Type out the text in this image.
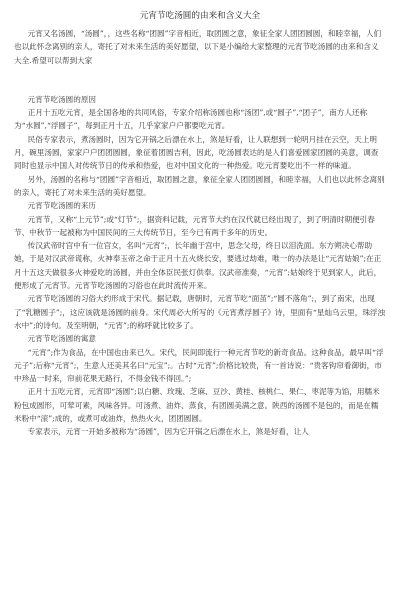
元宵节吃汤圆的由来和含义大全

元宵又名汤圆，“汤圆”，，这些名称“团圆”字音相近，取团圆之意，象征全家人团团圆圆，和睦幸福，人们也以此怀念离别的亲人，寄托了对未来生活的美好愿望，以下是小编给大家整理的元宵节吃汤圆的由来和含义大全.希望可以帮到大家

元宵节吃汤圆的原因

正月十五吃元宵，是全国各地的共同风俗，专家介绍称汤圆也称“汤团”,或“圆子”,“团子”，南方人还称为“水圆”,“浮圆子”，每到正月十五，几乎家家户户都要吃元宵。

民俗专家表示，煮汤圆时，因为它开锅之后漂在水上，煞是好看，让人联想到一轮明月挂在云空，天上明月，碗里汤圆，家家户户团团圆圆，象征着团圆吉利，因此，吃汤圆表达的是人们喜爱圆家团圆的美意，调查同时也显示中国人对传统节日的传承和热爱，也对中国文化的一种热爱。吃元宵要吃出不一样的味道。

另外，汤圆的名称与“团圆”字音相近，取团圆之意，象征全家人团团圆圆，和睦幸福，人们也以此怀念离别的亲人，寄托了对未来生活的美好愿望。

元宵节吃汤圆的来历

元宵节，又称“上元节”;或“灯节”;，据资料记载，元宵节大约在汉代就已经出现了，到了明清时期便引春节、中秋节一起被称为中国民间的三大传统节日，至今已有两千多年的历史。

传汉武帝时宫中有一位宫女，名叫“元宵”;，长年幽于宫中，思念父母，终日以泪洗面。东方朔决心帮助她，于是对汉武帝谎称，火神奉玉帝之命于正月十五火烧长安，要逃过劫难，唯一的办法是让“元宵姑娘”;在正月十五这天做很多火神爱吃的汤圆，并由全体臣民张灯供奉。汉武帝准奏，“元宵”;姑娘终于见到家人，此后，便形成了元宵节。元宵节吃汤圆的习俗也在此时流传开来。

元宵节吃汤圆的习俗大约形成于宋代。据记载，唐朝时，元宵节吃“面茧”;“圆不落角”;，到了南宋，出现了“乳糖圆子”;，这应该就是汤圆的前身。宋代周必大所写的《元宵煮浮圆子》诗，里面有“星灿乌云里，珠浮浊水中”;的诗句。及至明朝，“元宵”;的称呼就比较多了。

元宵节吃汤圆的寓意

“元宵”;作为食品，在中国也由来已久。宋代，民间即流行一种元宵节吃的新奇食品。这种食品，最早叫“浮元子”;后称“元宵”;，生意人还美其名曰“元宝”;。古时“元宵”;价格比较贵，有一首诗说：“贵客钩帘看御街，市中珍品一时来，帘前花果无路行，不得金钱不得回。”;

正月十五吃元宵，元宵即“汤圆”;以白糖、玫瑰、芝麻、豆沙、黄桂、核桃仁、果仁、枣泥等为馅，用糯米粉包成圆形，可荤可素，风味各异。可汤煮、油炸、蒸食，有团圆美满之意。陕西的汤圆不是包的，而是在糯米粉中“滚”;成的，或煮可或油炸，热热火火，团团圆圆。

专家表示，元宵一开始多被称为“汤圆”，因为它开锅之后漂在水上，煞是好看，让人
